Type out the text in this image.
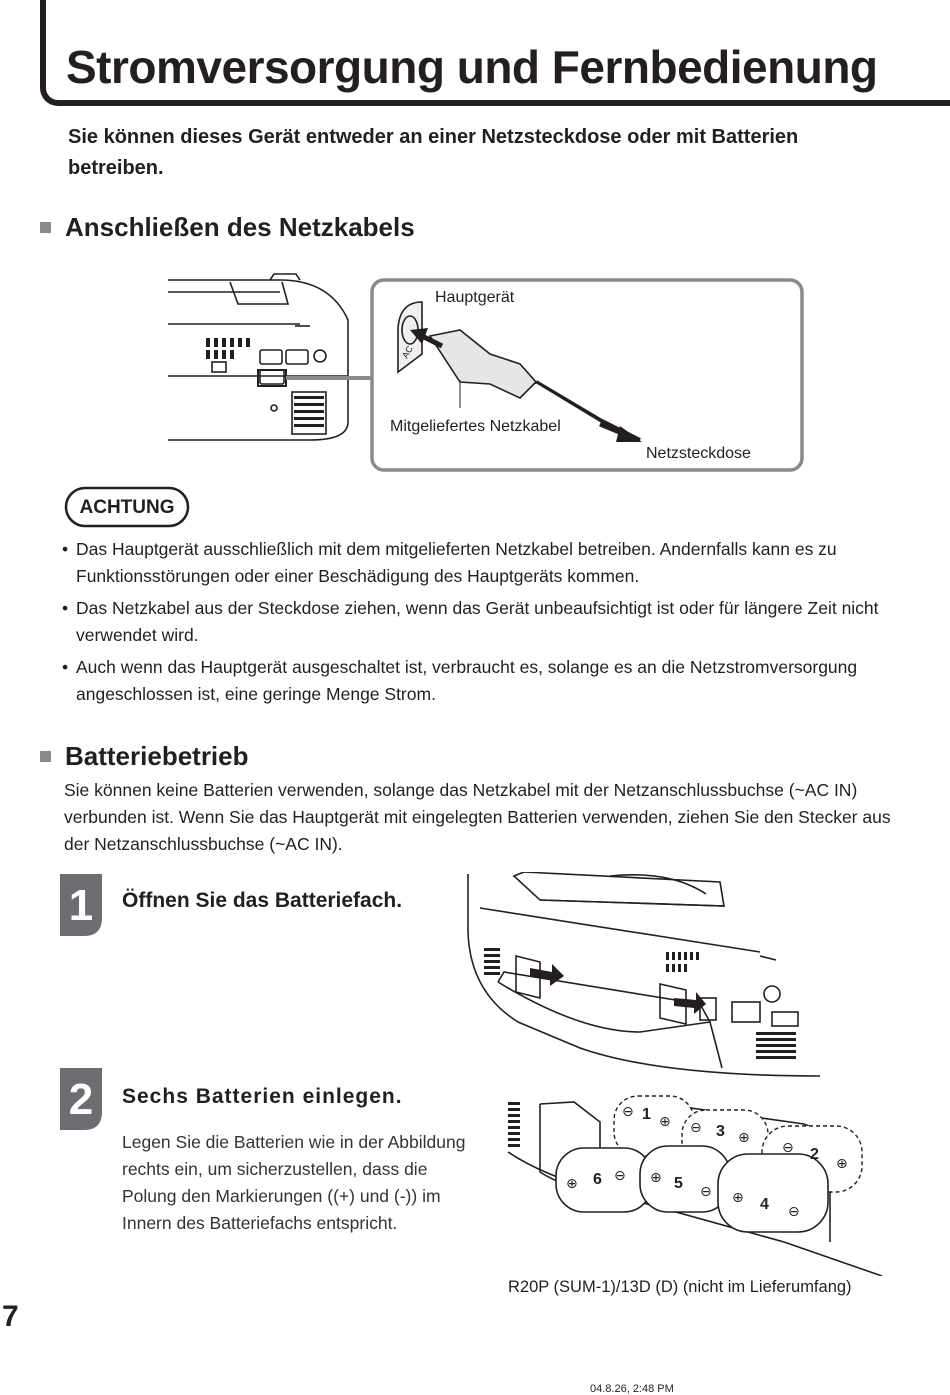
Stromversorgung und Fernbedienung

Sie können dieses Gerät entweder an einer Netzsteckdose oder mit Batterien betreiben.

Anschließen des Netzkabels
AC
Hauptgerät
Mitgeliefertes Netzkabel
Netzsteckdose
ACHTUNG
• Das Hauptgerät ausschließlich mit dem mitgelieferten Netzkabel betreiben. Andernfalls kann es zu Funktionsstörungen oder einer Beschädigung des Hauptgeräts kommen.
• Das Netzkabel aus der Steckdose ziehen, wenn das Gerät unbeaufsichtigt ist oder für längere Zeit nicht verwendet wird.
• Auch wenn das Hauptgerät ausgeschaltet ist, verbraucht es, solange es an die Netzstromversorgung angeschlossen ist, eine geringe Menge Strom.
Batteriebetrieb

Sie können keine Batterien verwenden, solange das Netzkabel mit der Netzanschlussbuchse (~AC IN) verbunden ist. Wenn Sie das Hauptgerät mit eingelegten Batterien verwenden, ziehen Sie den Stecker aus der Netzanschlussbuchse (~AC IN).

1 Öffnen Sie das Batteriefach.
2 Sechs Batterien einlegen.

Legen Sie die Batterien wie in der Abbildung rechts ein, um sicherzustellen, dass die Polung den Markierungen ((+) und (-)) im Innern des Batteriefachs entspricht.

1
2
3
4
5
6
⊖
⊕ ⊖
⊕
⊖
⊕
⊕	⊖ ⊕
⊖ ⊕
⊖

R20P (SUM-1)/13D (D) (nicht im Lieferumfang)

7

04.8.26, 2:48 PM
